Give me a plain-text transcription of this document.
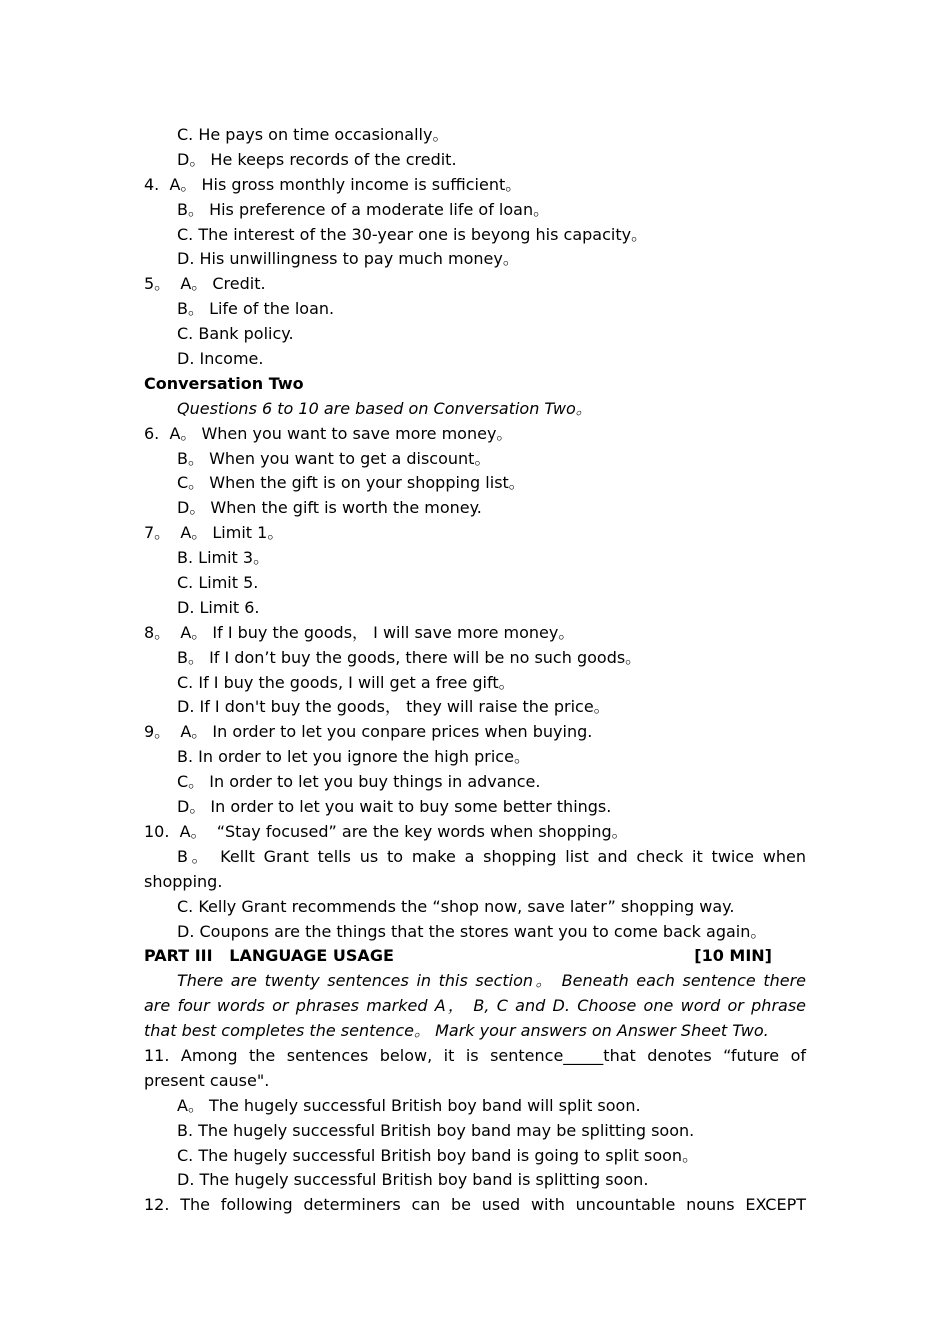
C. He pays on time occasionally。
D。 He keeps records of the credit.
4.  A。 His gross monthly income is sufficient。
B。 His preference of a moderate life of loan。
C. The interest of the 30-year one is beyong his capacity。
D. His unwillingness to pay much money。
5。  A。 Credit.
B。 Life of the loan.
C. Bank policy.
D. Income.
Conversation Two
Questions 6 to 10 are based on Conversation Two。
6.  A。 When you want to save more money。
B。 When you want to get a discount。
C。 When the gift is on your shopping list。
D。 When the gift is worth the money.
7。  A。 Limit 1。
B. Limit 3。
C. Limit 5.
D. Limit 6.
8。  A。 If I buy the goods， I will save more money。
B。 If I don’t buy the goods, there will be no such goods。
C. If I buy the goods, I will get a free gift。
D. If I don't buy the goods， they will raise the price。
9。  A。 In order to let you conpare prices when buying.
B. In order to let you ignore the high price。
C。 In order to let you buy things in advance.
D。 In order to let you wait to buy some better things.
10.  A。  “Stay focused” are the key words when shopping。
B。 Kellt Grant tells us to make a shopping list and check it twice when
shopping.
C. Kelly Grant recommends the “shop now, save later” shopping way.
D. Coupons are the things that the stores want you to come back again。
PART III   LANGUAGE USAGE	[10 MIN]
There are twenty sentences in this section。 Beneath each sentence there
are four words or phrases marked A， B, C and D. Choose one word or phrase
that best completes the sentence。 Mark your answers on Answer Sheet Two.
11. Among the sentences below, it is sentence_____that denotes “future of
present cause".
A。 The hugely successful British boy band will split soon.
B. The hugely successful British boy band may be splitting soon.
C. The hugely successful British boy band is going to split soon。
D. The hugely successful British boy band is splitting soon.
12. The following determiners can be used with uncountable nouns EXCEPT
